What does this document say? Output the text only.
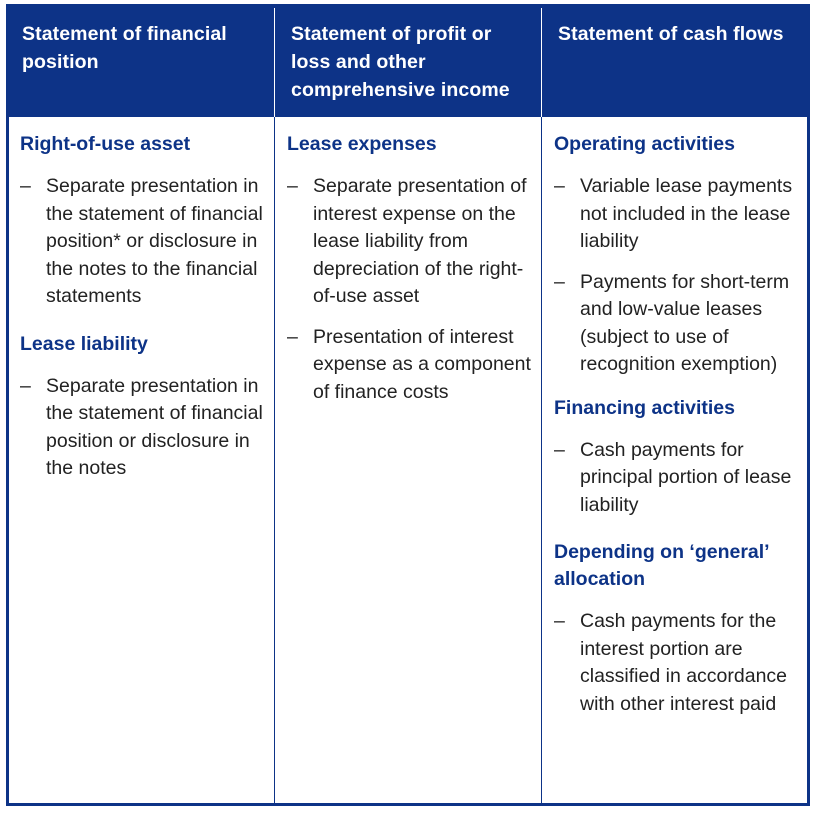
Statement of financial position
Statement of profit or loss and other comprehensive income
Statement of cash flows
Right-of-use asset
– Separate presentation in the statement of financial position* or disclosure in the notes to the financial statements
Lease liability
– Separate presentation in the statement of financial position or disclosure in the notes
Lease expenses
– Separate presentation of interest expense on the lease liability from depreciation of the right-of-use asset
– Presentation of interest expense as a component of finance costs
Operating activities
– Variable lease payments not included in the lease liability
– Payments for short-term and low-value leases (subject to use of recognition exemption)
Financing activities
– Cash payments for principal portion of lease liability
Depending on ‘general’ allocation
– Cash payments for the interest portion are classified in accordance with other interest paid
